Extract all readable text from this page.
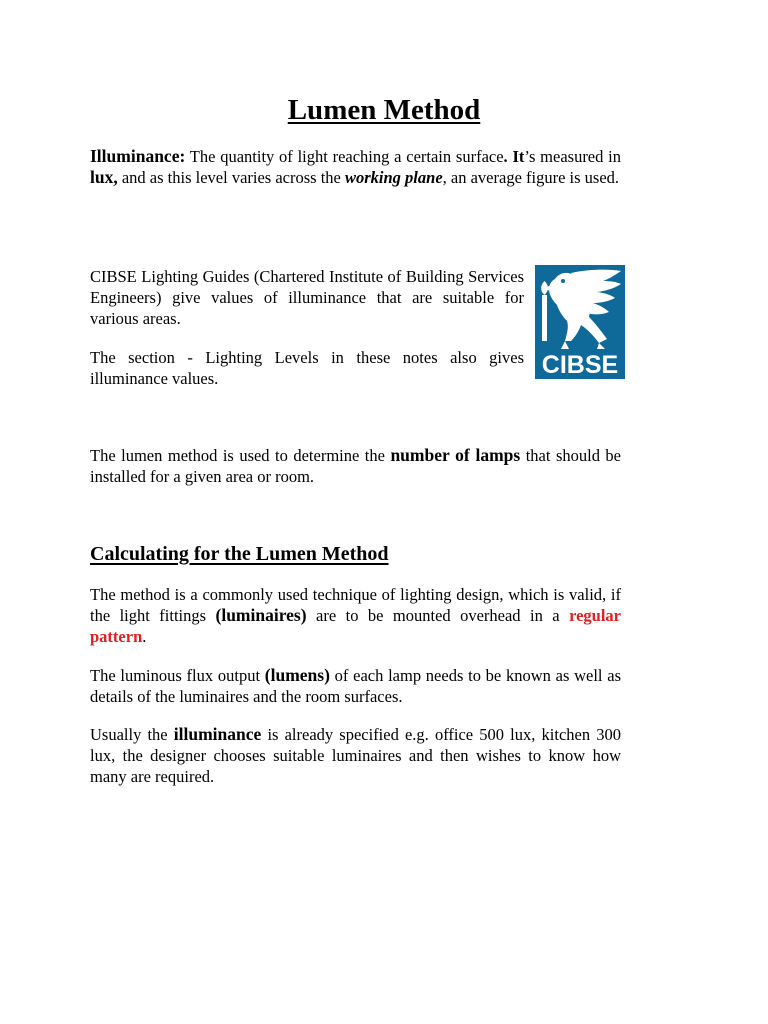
Lumen Method

Illuminance: The quantity of light reaching a certain surface. It’s measured in lux, and as this level varies across the working plane, an average figure is used.

CIBSE Lighting Guides (Chartered Institute of Building Services Engineers) give values of illuminance that are suitable for various areas.

The section - Lighting Levels in these notes also gives illuminance values.	CIBSE

The lumen method is used to determine the number of lamps that should be installed for a given area or room.

Calculating for the Lumen Method

The method is a commonly used technique of lighting design, which is valid, if the light fittings (luminaires) are to be mounted overhead in a regular pattern.

The luminous flux output (lumens) of each lamp needs to be known as well as details of the luminaires and the room surfaces.

Usually the illuminance is already specified e.g. office 500 lux, kitchen 300 lux, the designer chooses suitable luminaires and then wishes to know how many are required.
